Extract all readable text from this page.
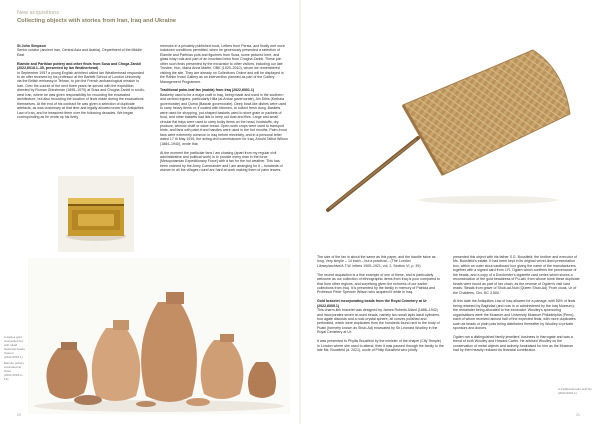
New acquisitions
Collecting objects with stories from Iran, Iraq and Ukraine

St John Simpson

Senior curator (ancient Iran, Central Asia and Arabia), Department of the Middle East

Elamite and Parthian pottery and other finds from Susa and Choga Zanbil (2022,6018.1–35, presented by Ian Weatherhead)

In September 1957 a young English architect called Ian Weatherhead responded to an offer received by his professor at the Bartlett School of London University, via the British embassy in Tehran, to join the French archaeological mission to Iran. Over the course of the next three years he served with the expedition directed by Roman Ghirshman (1895–1979) at Susa and Chogha Zanbil in south-west Iran, where he was given responsibility for recording the excavated architecture, but also recording the location of finds made during the excavations themselves. At the end of his contract he was given a selection of duplicate artefacts, as was customary at that time and legally allowed under the Antiquities Law of Iran, and he treasured them over the following decades. We began corresponding as he wrote up his lively

memoirs in a privately published book, Letters from Persia, and finally met once lockdown conditions permitted, when he generously presented a selection of Elamite and Parthian pots and figurines from Susa, some pictured here, and glass inlay rods and part of an inscribed brick from Chogha Zanbil. These join other such finds presented by the excavator to other visitors, including our late Trustee, Hon. Maria Anna Martin, OBE (1929–2010), whom we remembered visiting the site. They are already on Collections Online and will be displayed in the Rahim Irvani Gallery as an intervention planned as part of the Gallery Management Programme.

Traditional palm-leaf fan (mahfa) from Iraq (2022,6001.1)

Basketry used to be a major craft in Iraq, being made and used in the southern and central regions, particularly Hilla (al-Anbar governorate), Ain Dibis (Kerbala governorate) and Qurna (Basrah governorate). Deep bowl-like dishes were used to carry heavy items or, if coated with bitumen, to collect fresh dung. Baskets were used for shopping, pot-shaped baskets used to store grain or packets of food, and other baskets had lids to keep out dust and flies. Large and small circular flat trays were used to carry bulky items on the head, foodstuffs, dry produce, winnow chaff or wave bread. Open-work crops were used to transport birds, and fans with palm-frond handles were used in the hot months. Palm-frond fans were extremely common in Iraq before electricity, and in a personal letter dated 17 th May 1916, the acting civil commissioner for Iraq, Arnold Talbot Wilson (1884–1940), wrote that

At the moment the particular fans I am chasing (apart from my regular civil administrative and political work) is to provide every man in the force [Mesopotamian Expeditionary Force] with a fan for the hot weather. This has been ordered by the Army Commander and I am arranging for it – hundreds of women in all the villages round are hard at work making them of palm leaves.

A dark-a gold enamelled box with inlaid historical beads Susa in (2022,6018.1).

Elamite pottery excavated at Susa (2022,6018.2–13).

20

A traditional palm-leaf fan (2022,6001.1).

The size of the fan is about the same as this paper, and the handle twice as long. Very simple – 14 each – but a practical... (The London Library/archive/A.T.W. letters 1909–1921, vol. 2, Section VI, p. 39)

The recent acquisition is a fine example of one of these, and is particularly welcome as our collection of ethnographic items from Iraq is poor compared to that from other regions, and surprising given the richness of our earlier collections from Iraq. It is presented by the family in memory of Patricia and Professor Peter Spencer Wilson who acquired it while in Iraq.

Gold bracelet incorporating beads from the Royal Cemetery at Ur (2022,6005.1)

This charm-link bracelet was designed by James Roberts Allard (1886–1942) and incorporates seven re-used beads, namely two small lapis lazuli cylinders, four agate discoids and a rock-crystal sphere, all convex polished and perforated, which were duplicates from the hundreds found next to the body of Puabi (formerly known as Shub-Ad) excavated by Sir Leonard Woolley in the Royal Cemetery at Ur.

It was presented to Phyllis Bousfield by the minister of the chapel (City Temple) in London where she used to attend, then it was passed through the family to the late Ms. Bousfield (d. 2021), uncle of Philip Bousfield who jointly

presented this object with his father S.G. Bousfield; the brother and executor of Ms. Bousfield's estate. It had been kept in its original velvet-lined presentation box, within an outer stout cardboard box giving the name of the manufacturers together with a signed card from J.R. Ogden which confirms the provenance of the beads, and a copy of a Dorchester's cigarette card series which shows a reconstruction of the gold headdress of Pu-abi, from whose tomb these duplicate beads were found as part of her chain, as the reverse of Ogden's visit card reads: 'Beads from grave of Shub-ad-Nub (Queen Shub-Ad) 'From cloak, Ur of the Chaldees, Circ. BC 3,500.'

At this date the Antiquities Law of Iraq allowed for a partage, with 50% of finds being retained by Baghdad (and now in or administered by the Iraq Museum); the remainder being allocated to the excavator. Woolley's sponsoring organisations were the Museum and University Museum Philadelphia (Penn); each of whom received almost half of the expected finds, with more duplicates such as beads or plain pots being distributed thereafter by Woolley to private sponsors and donors.

Ogden ran a distinguished family jewellers' business in Harrogate and was a friend of both Woolley and Howard Carter. He advised Woolley on the conservation of metal objects and actively fundraised for him as the Museum had by then heavily reduced its financial contribution.

21
